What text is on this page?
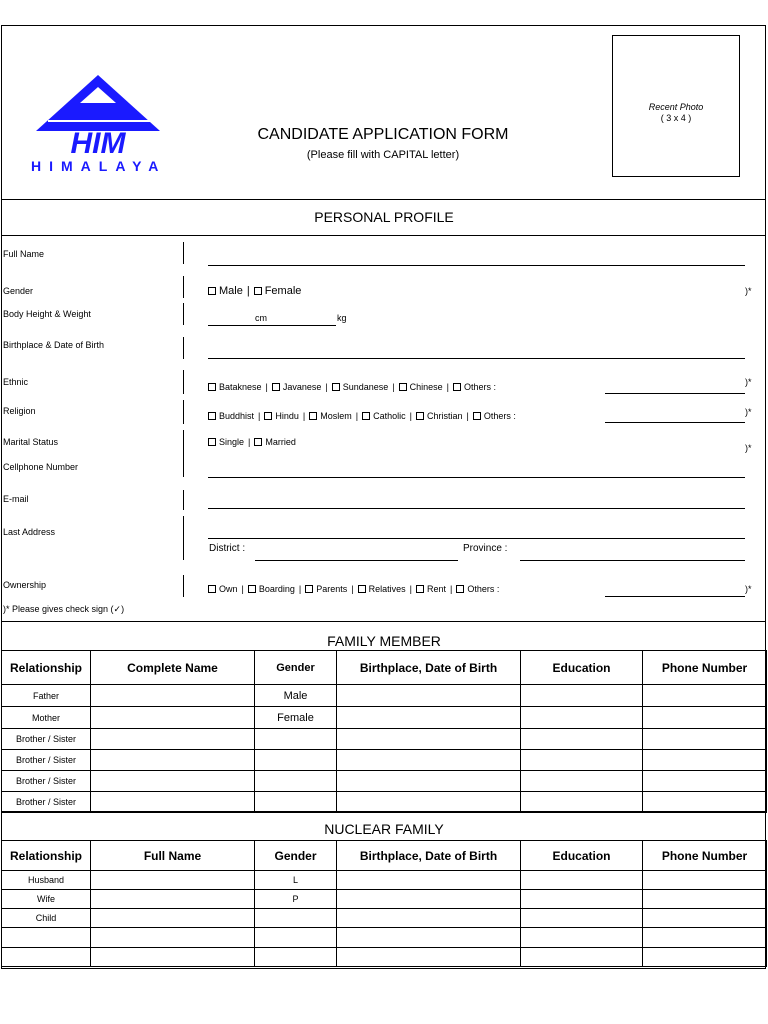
HIM
HIMALAYA
CANDIDATE APPLICATION FORM
(Please fill with CAPITAL letter)
Recent Photo
( 3 x 4 )
PERSONAL PROFILE
Full Name
Gender	Male | Female	)*
Body Height & Weight	cm	kg
Birthplace & Date of Birth
Ethnic	Bataknese | Javanese | Sundanese | Chinese | Others :	)*
Religion	Buddhist | Hindu | Moslem | Catholic | Christian | Others :	)*
Marital Status	Single | Married
)*
Cellphone Number
E-mail
Last Address
District :	Province :
Ownership	Own | Boarding | Parents | Relatives | Rent | Others :	)*
)* Please gives check sign (✓)
FAMILY MEMBER
Relationship	Complete Name	Gender	Birthplace, Date of Birth	Education	Phone Number
Father		Male			
Mother		Female			
Brother / Sister					
Brother / Sister					
Brother / Sister					
Brother / Sister					
NUCLEAR FAMILY
Relationship	Full Name	Gender	Birthplace, Date of Birth	Education	Phone Number
Husband		L			
Wife		P			
Child					
